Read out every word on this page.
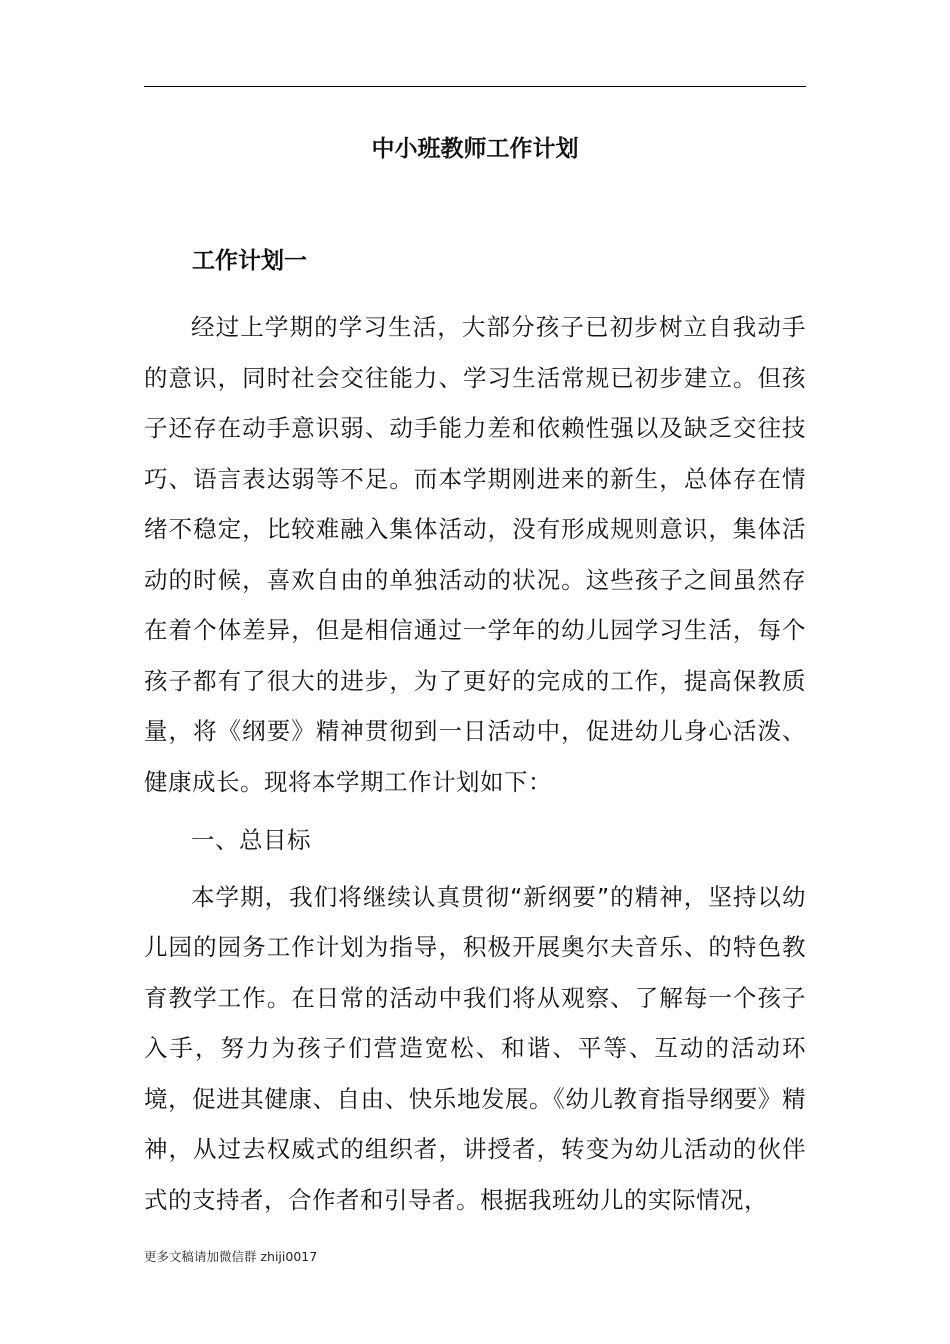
中小班教师工作计划
工作计划一

经过上学期的学习生活，大部分孩子已初步树立自我动手的意识，同时社会交往能力、学习生活常规已初步建立。但孩子还存在动手意识弱、动手能力差和依赖性强以及缺乏交往技巧、语言表达弱等不足。而本学期刚进来的新生，总体存在情绪不稳定，比较难融入集体活动，没有形成规则意识，集体活动的时候，喜欢自由的单独活动的状况。这些孩子之间虽然存在着个体差异，但是相信通过一学年的幼儿园学习生活，每个孩子都有了很大的进步，为了更好的完成的工作，提高保教质量，将《纲要》精神贯彻到一日活动中，促进幼儿身心活泼、健康成长。现将本学期工作计划如下：

一、总目标

本学期，我们将继续认真贯彻“新纲要”的精神，坚持以幼儿园的园务工作计划为指导，积极开展奥尔夫音乐、的特色教育教学工作。在日常的活动中我们将从观察、了解每一个孩子入手，努力为孩子们营造宽松、和谐、平等、互动的活动环境，促进其健康、自由、快乐地发展。《幼儿教育指导纲要》精神，从过去权威式的组织者，讲授者，转变为幼儿活动的伙伴式的支持者，合作者和引导者。根据我班幼儿的实际情况，

更多文稿请加微信群 zhiji0017
